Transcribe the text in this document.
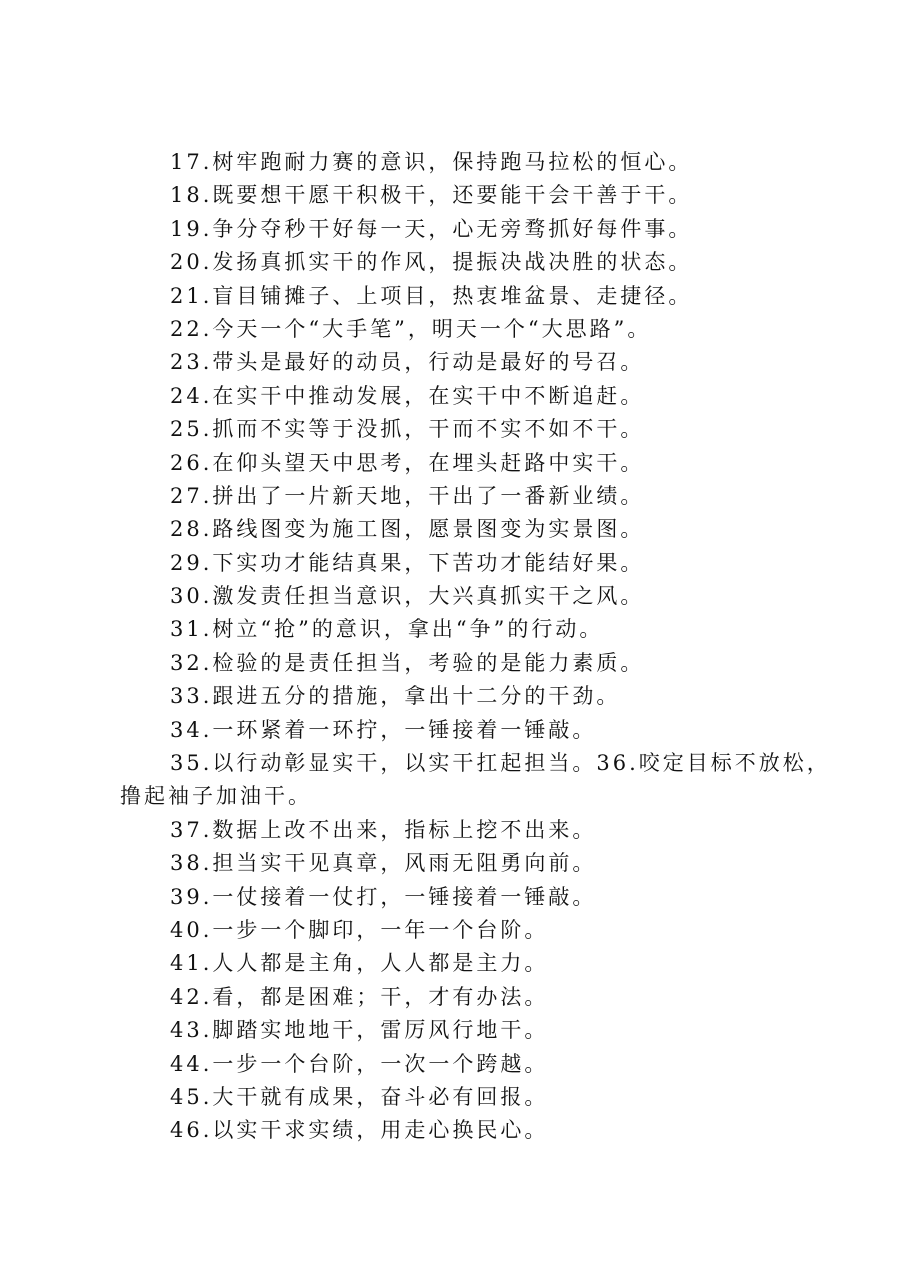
17.树牢跑耐力赛的意识，保持跑马拉松的恒心。
18.既要想干愿干积极干，还要能干会干善于干。
19.争分夺秒干好每一天，心无旁骛抓好每件事。
20.发扬真抓实干的作风，提振决战决胜的状态。
21.盲目铺摊子、上项目，热衷堆盆景、走捷径。
22.今天一个“大手笔”，明天一个“大思路”。
23.带头是最好的动员，行动是最好的号召。
24.在实干中推动发展，在实干中不断追赶。
25.抓而不实等于没抓，干而不实不如不干。
26.在仰头望天中思考，在埋头赶路中实干。
27.拼出了一片新天地，干出了一番新业绩。
28.路线图变为施工图，愿景图变为实景图。
29.下实功才能结真果，下苦功才能结好果。
30.激发责任担当意识，大兴真抓实干之风。
31.树立“抢”的意识，拿出“争”的行动。
32.检验的是责任担当，考验的是能力素质。
33.跟进五分的措施，拿出十二分的干劲。
34.一环紧着一环拧，一锤接着一锤敲。
35.以行动彰显实干，以实干扛起担当。36.咬定目标不放松，
撸起袖子加油干。
37.数据上改不出来，指标上挖不出来。
38.担当实干见真章，风雨无阻勇向前。
39.一仗接着一仗打，一锤接着一锤敲。
40.一步一个脚印，一年一个台阶。
41.人人都是主角，人人都是主力。
42.看，都是困难；干，才有办法。
43.脚踏实地地干，雷厉风行地干。
44.一步一个台阶，一次一个跨越。
45.大干就有成果，奋斗必有回报。
46.以实干求实绩，用走心换民心。
